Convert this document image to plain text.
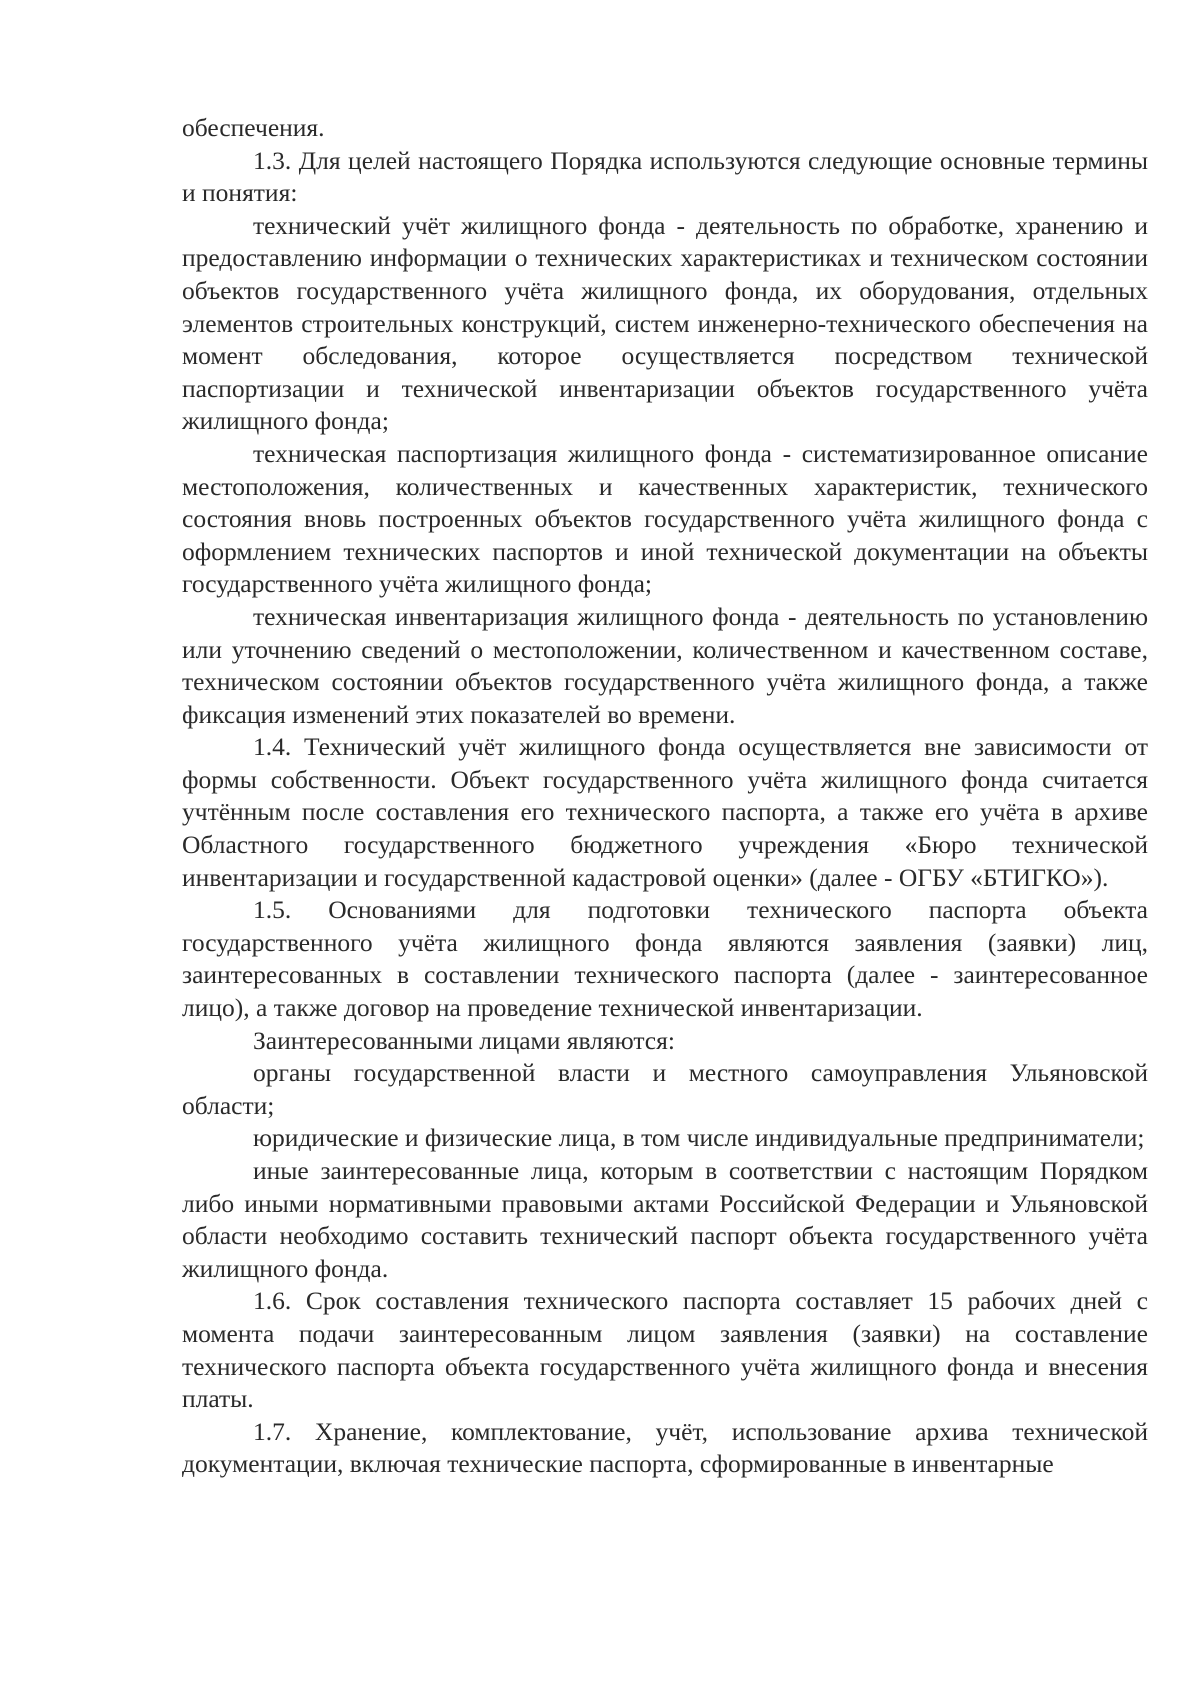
обеспечения.

1.3. Для целей настоящего Порядка используются следующие основные термины и понятия:

технический учёт жилищного фонда - деятельность по обработке, хранению и предоставлению информации о технических характеристиках и техническом состоянии объектов государственного учёта жилищного фонда, их оборудования, отдельных элементов строительных конструкций, систем инженерно-технического обеспечения на момент обследования, которое осуществляется посредством технической паспортизации и технической инвентаризации объектов государственного учёта жилищного фонда;

техническая паспортизация жилищного фонда - систематизированное описание местоположения, количественных и качественных характеристик, технического состояния вновь построенных объектов государственного учёта жилищного фонда с оформлением технических паспортов и иной технической документации на объекты государственного учёта жилищного фонда;

техническая инвентаризация жилищного фонда - деятельность по установлению или уточнению сведений о местоположении, количественном и качественном составе, техническом состоянии объектов государственного учёта жилищного фонда, а также фиксация изменений этих показателей во времени.

1.4. Технический учёт жилищного фонда осуществляется вне зависимости от формы собственности. Объект государственного учёта жилищного фонда считается учтённым после составления его технического паспорта, а также его учёта в архиве Областного государственного бюджетного учреждения «Бюро технической инвентаризации и государственной кадастровой оценки» (далее - ОГБУ «БТИГКО»).

1.5. Основаниями для подготовки технического паспорта объекта государственного учёта жилищного фонда являются заявления (заявки) лиц, заинтересованных в составлении технического паспорта (далее - заинтересованное лицо), а также договор на проведение технической инвентаризации.

Заинтересованными лицами являются:

органы государственной власти и местного самоуправления Ульяновской области;

юридические и физические лица, в том числе индивидуальные предприниматели;

иные заинтересованные лица, которым в соответствии с настоящим Порядком либо иными нормативными правовыми актами Российской Федерации и Ульяновской области необходимо составить технический паспорт объекта государственного учёта жилищного фонда.

1.6. Срок составления технического паспорта составляет 15 рабочих дней с момента подачи заинтересованным лицом заявления (заявки) на составление технического паспорта объекта государственного учёта жилищного фонда и внесения платы.

1.7. Хранение, комплектование, учёт, использование архива технической документации, включая технические паспорта, сформированные в инвентарные
